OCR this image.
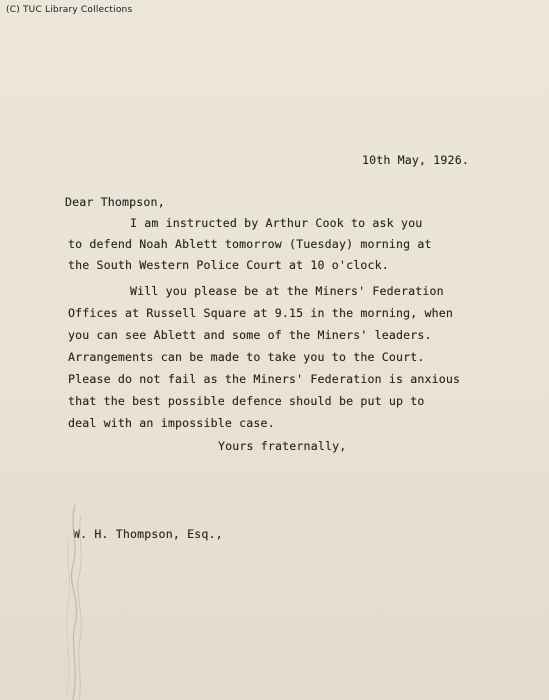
(C) TUC Library Collections
10th May, 1926.
Dear Thompson,
I am instructed by Arthur Cook to ask you
to defend Noah Ablett tomorrow (Tuesday) morning at
the South Western Police Court at 10 o'clock.
Will you please be at the Miners' Federation
Offices at Russell Square at 9.15 in the morning, when
you can see Ablett and some of the Miners' leaders.
Arrangements can be made to take you to the Court.
Please do not fail as the Miners' Federation is anxious
that the best possible defence should be put up to
deal with an impossible case.
Yours fraternally,
W. H. Thompson, Esq.,
